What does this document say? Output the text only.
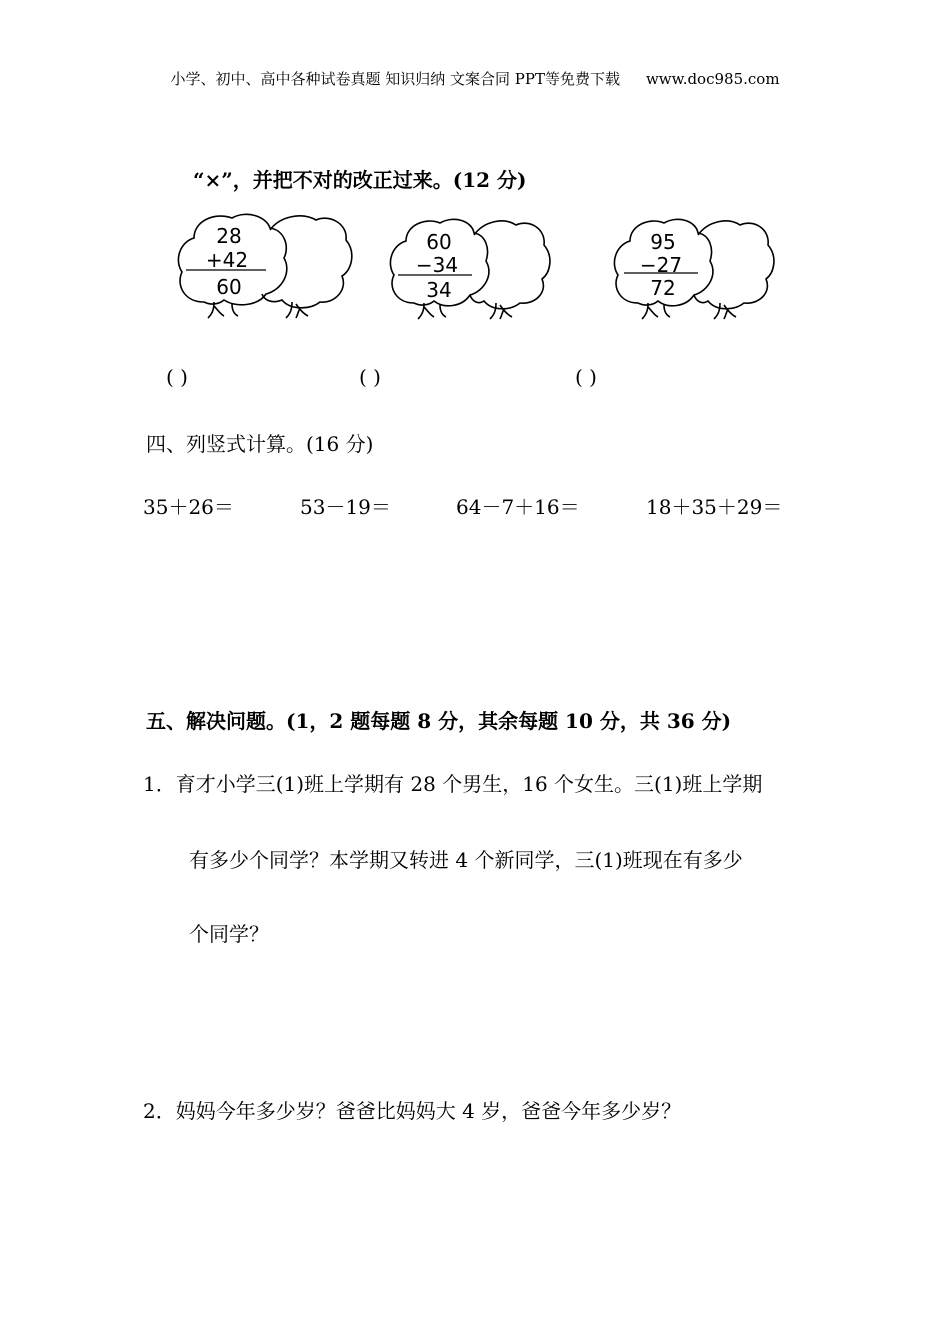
小学、初中、高中各种试卷真题 知识归纳 文案合同 PPT等免费下载 www.doc985.com
“×”，并把不对的改正过来。(12 分)
28
+42
60
60
−34
34
95
−27
72
( )	( )	( )
四、列竖式计算。(16 分)
35＋26＝	53－19＝	64－7＋16＝	18＋35＋29＝
五、解决问题。(1，2 题每题 8 分，其余每题 10 分，共 36 分)
1．育才小学三(1)班上学期有 28 个男生，16 个女生。三(1)班上学期
有多少个同学？本学期又转进 4 个新同学，三(1)班现在有多少
个同学？
2．妈妈今年多少岁？爸爸比妈妈大 4 岁，爸爸今年多少岁？
